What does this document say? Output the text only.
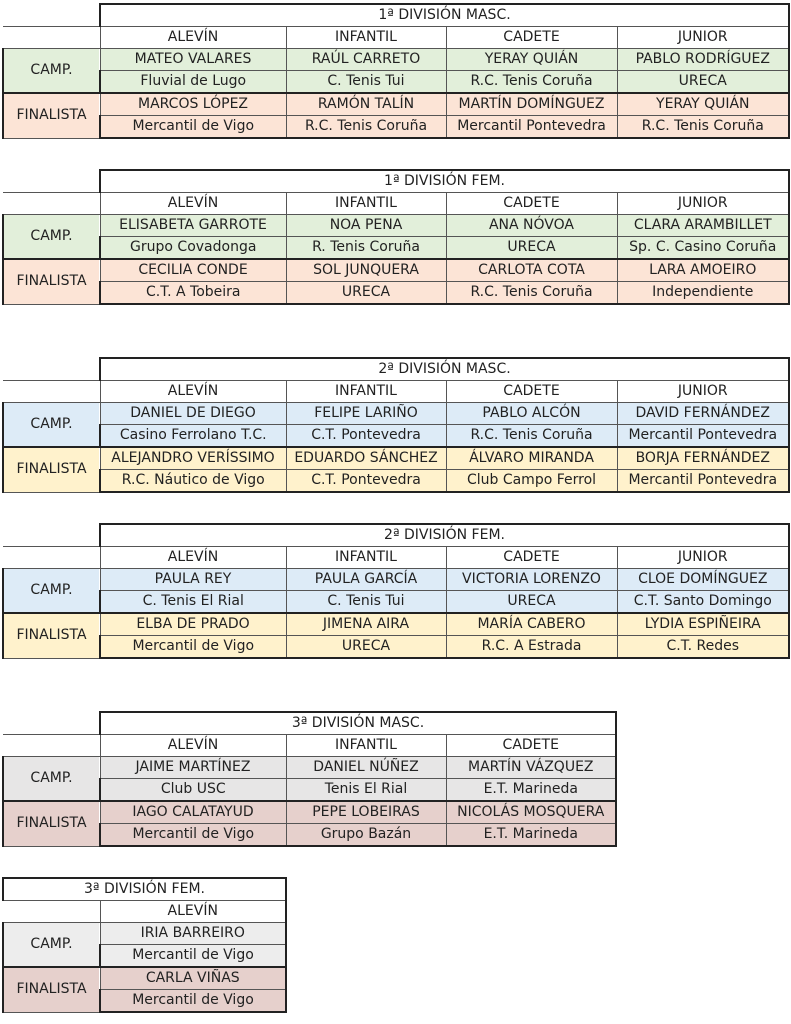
	1ª DIVISIÓN MASC.			
	ALEVÍN	INFANTIL	CADETE	JUNIOR
CAMP.	MATEO VALARES	RAÚL CARRETO	YERAY QUIÁN	PABLO RODRÍGUEZ
	Fluvial de Lugo	C. Tenis Tui	R.C. Tenis Coruña	URECA
FINALISTA	MARCOS LÓPEZ	RAMÓN TALÍN	MARTÍN DOMÍNGUEZ	YERAY QUIÁN
	Mercantil de Vigo	R.C. Tenis Coruña	Mercantil Pontevedra	R.C. Tenis Coruña
	1ª DIVISIÓN FEM.			
	ALEVÍN	INFANTIL	CADETE	JUNIOR
CAMP.	ELISABETA GARROTE	NOA PENA	ANA NÓVOA	CLARA ARAMBILLET
	Grupo Covadonga	R. Tenis Coruña	URECA	Sp. C. Casino Coruña
FINALISTA	CECILIA CONDE	SOL JUNQUERA	CARLOTA COTA	LARA AMOEIRO
	C.T. A Tobeira	URECA	R.C. Tenis Coruña	Independiente
	2ª DIVISIÓN MASC.			
	ALEVÍN	INFANTIL	CADETE	JUNIOR
CAMP.	DANIEL DE DIEGO	FELIPE LARIÑO	PABLO ALCÓN	DAVID FERNÁNDEZ
	Casino Ferrolano T.C.	C.T. Pontevedra	R.C. Tenis Coruña	Mercantil Pontevedra
FINALISTA	ALEJANDRO VERÍSSIMO	EDUARDO SÁNCHEZ	ÁLVARO MIRANDA	BORJA FERNÁNDEZ
	R.C. Náutico de Vigo	C.T. Pontevedra	Club Campo Ferrol	Mercantil Pontevedra
	2ª DIVISIÓN FEM.			
	ALEVÍN	INFANTIL	CADETE	JUNIOR
CAMP.	PAULA REY	PAULA GARCÍA	VICTORIA LORENZO	CLOE DOMÍNGUEZ
	C. Tenis El Rial	C. Tenis Tui	URECA	C.T. Santo Domingo
FINALISTA	ELBA DE PRADO	JIMENA AIRA	MARÍA CABERO	LYDIA ESPIÑEIRA
	Mercantil de Vigo	URECA	R.C. A Estrada	C.T. Redes
	3ª DIVISIÓN MASC.		
	ALEVÍN	INFANTIL	CADETE
CAMP.	JAIME MARTÍNEZ	DANIEL NÚÑEZ	MARTÍN VÁZQUEZ
	Club USC	Tenis El Rial	E.T. Marineda
FINALISTA	IAGO CALATAYUD	PEPE LOBEIRAS	NICOLÁS MOSQUERA
	Mercantil de Vigo	Grupo Bazán	E.T. Marineda
3ª DIVISIÓN FEM.	
	ALEVÍN
CAMP.	IRIA BARREIRO
	Mercantil de Vigo
FINALISTA	CARLA VIÑAS
	Mercantil de Vigo
